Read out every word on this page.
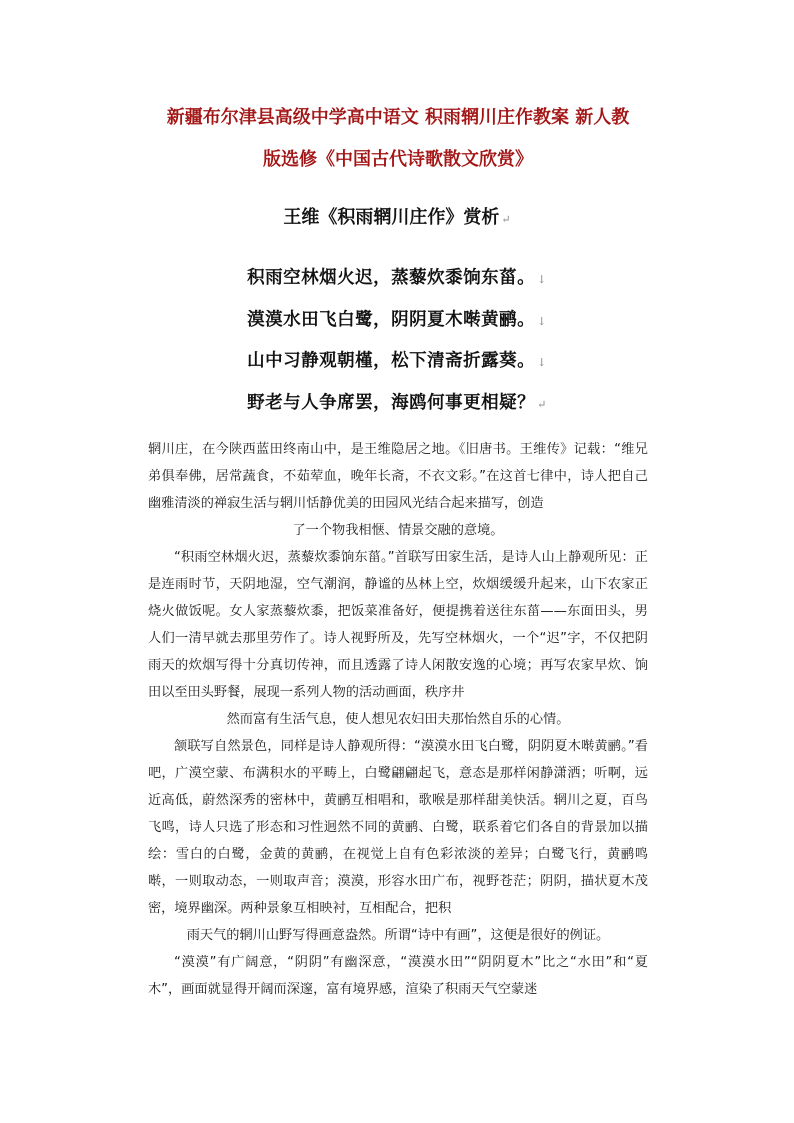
新疆布尔津县高级中学高中语文 积雨辋川庄作教案 新人教
版选修《中国古代诗歌散文欣赏》
王维《积雨辋川庄作》赏析 ↵
积雨空林烟火迟，蒸藜炊黍饷东菑。 ↓
漠漠水田飞白鹭，阴阴夏木啭黄鹂。 ↓
山中习静观朝槿，松下清斋折露葵。 ↓
野老与人争席罢，海鸥何事更相疑？ ↵

辋川庄，在今陕西蓝田终南山中，是王维隐居之地。《旧唐书。王维传》记载：“维兄弟俱奉佛，居常蔬食，不茹荤血，晚年长斋，不衣文彩。”在这首七律中，诗人把自己幽雅清淡的禅寂生活与辋川恬静优美的田园风光结合起来描写，创造

了一个物我相惬、情景交融的意境。

“积雨空林烟火迟，蒸藜炊黍饷东菑。”首联写田家生活，是诗人山上静观所见：正是连雨时节，天阴地湿，空气潮润，静谧的丛林上空，炊烟缓缓升起来，山下农家正烧火做饭呢。女人家蒸藜炊黍，把饭菜准备好，便提携着送往东菑——东面田头，男人们一清早就去那里劳作了。诗人视野所及，先写空林烟火，一个“迟”字，不仅把阴雨天的炊烟写得十分真切传神，而且透露了诗人闲散安逸的心境；再写农家早炊、饷田以至田头野餐，展现一系列人物的活动画面，秩序井

然而富有生活气息，使人想见农妇田夫那怡然自乐的心情。

颔联写自然景色，同样是诗人静观所得：“漠漠水田飞白鹭，阴阴夏木啭黄鹂。”看吧，广漠空蒙、布满积水的平畴上，白鹭翩翩起飞，意态是那样闲静潇洒；听啊，远近高低，蔚然深秀的密林中，黄鹂互相唱和，歌喉是那样甜美快活。辋川之夏，百鸟飞鸣，诗人只选了形态和习性迥然不同的黄鹂、白鹭，联系着它们各自的背景加以描绘：雪白的白鹭，金黄的黄鹂，在视觉上自有色彩浓淡的差异；白鹭飞行，黄鹂鸣啭，一则取动态，一则取声音；漠漠，形容水田广布，视野苍茫；阴阴，描状夏木茂密，境界幽深。两种景象互相映衬，互相配合，把积

雨天气的辋川山野写得画意盎然。所谓“诗中有画”，这便是很好的例证。

“漠漠”有广阔意，“阴阴”有幽深意，“漠漠水田”“阴阴夏木”比之“水田”和“夏木”，画面就显得开阔而深邃，富有境界感，渲染了积雨天气空蒙迷
